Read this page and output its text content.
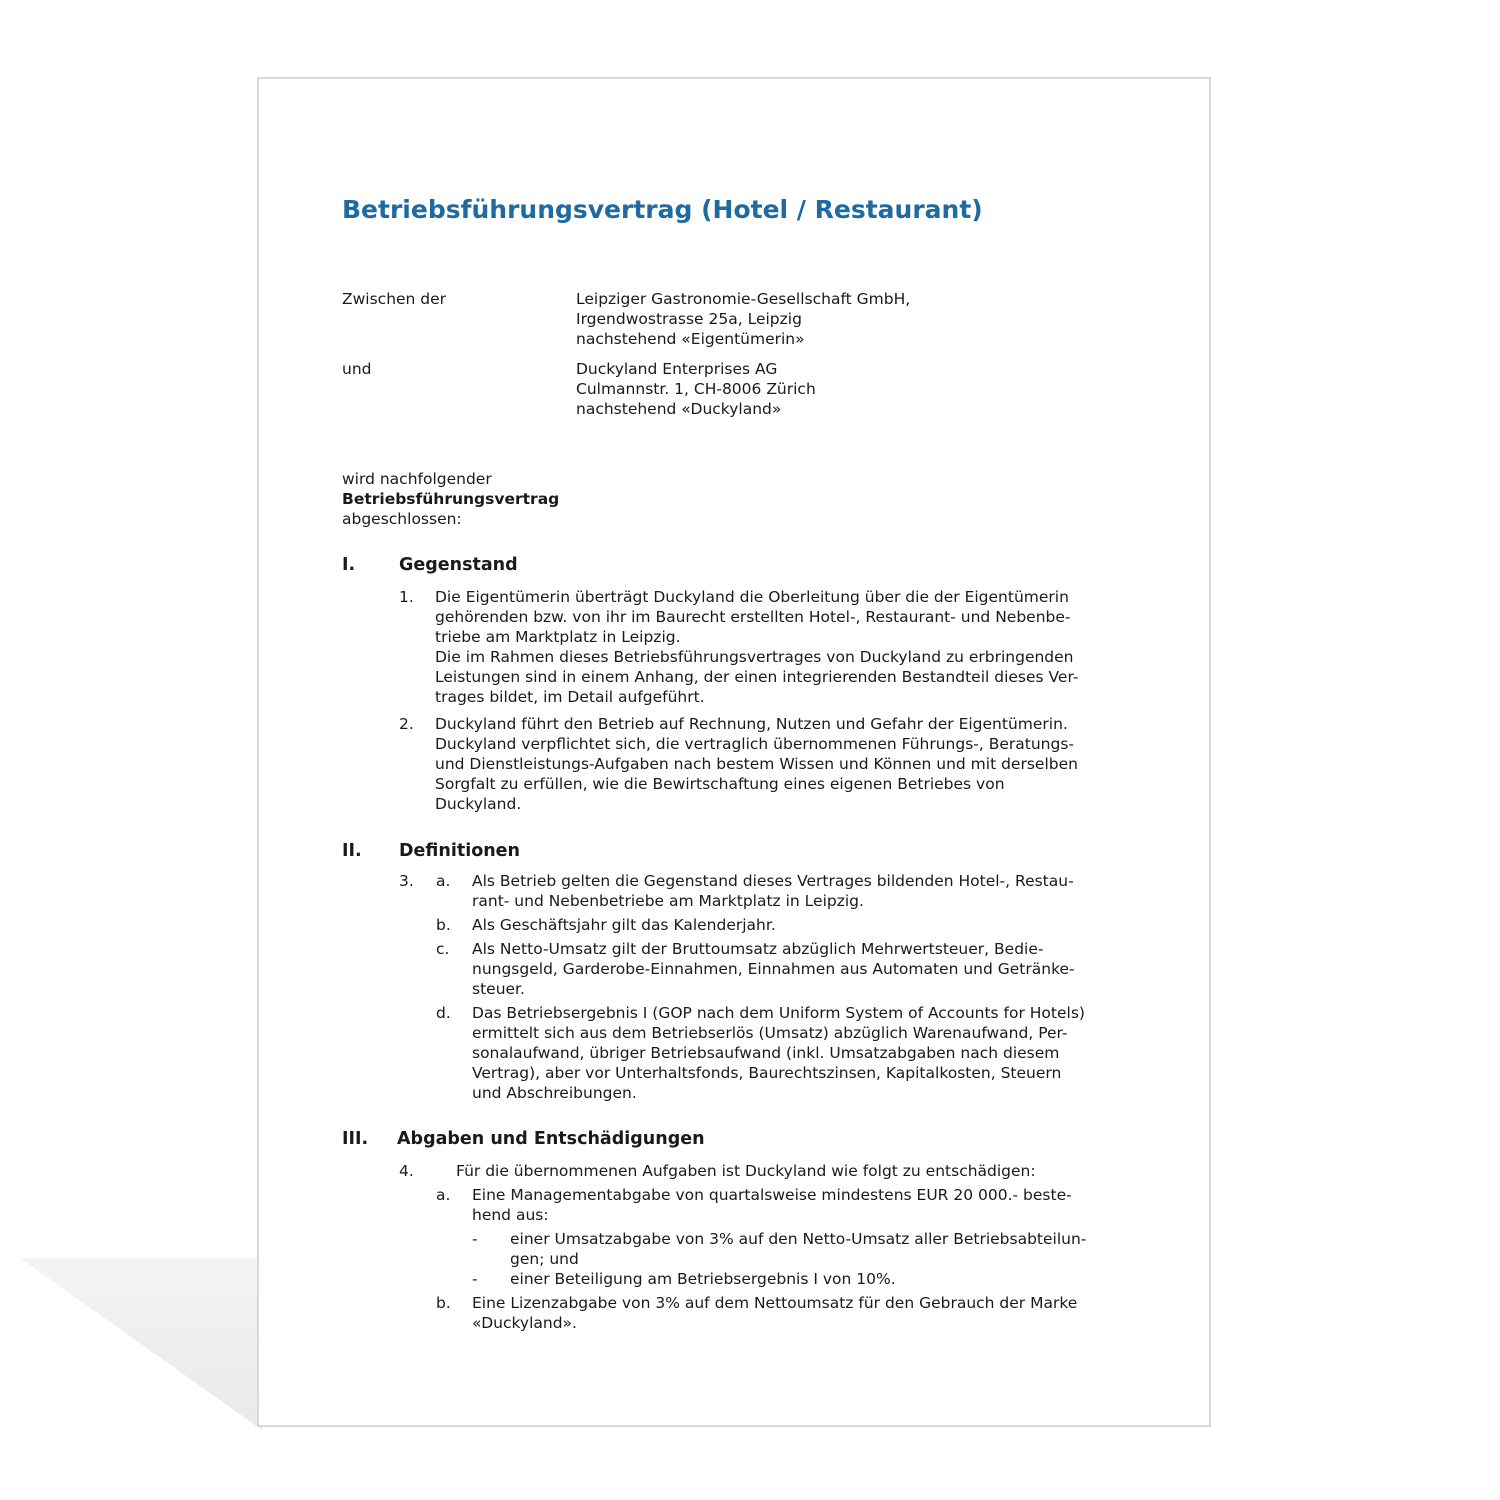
Betriebsführungsvertrag (Hotel / Restaurant)
Zwischen der	Leipziger Gastronomie-Gesellschaft GmbH,
Irgendwostrasse 25a, Leipzig
nachstehend «Eigentümerin»
und	Duckyland Enterprises AG
Culmannstr. 1, CH-8006 Zürich
nachstehend «Duckyland»
wird nachfolgender
Betriebsführungsvertrag
abgeschlossen:
I.	Gegenstand
1. Die Eigentümerin überträgt Duckyland die Oberleitung über die der Eigentümerin
gehörenden bzw. von ihr im Baurecht erstellten Hotel-, Restaurant- und Nebenbe-
triebe am Marktplatz in Leipzig.
Die im Rahmen dieses Betriebsführungsvertrages von Duckyland zu erbringenden
Leistungen sind in einem Anhang, der einen integrierenden Bestandteil dieses Ver-
trages bildet, im Detail aufgeführt.
2. Duckyland führt den Betrieb auf Rechnung, Nutzen und Gefahr der Eigentümerin.
Duckyland verpflichtet sich, die vertraglich übernommenen Führungs-, Beratungs-
und Dienstleistungs-Aufgaben nach bestem Wissen und Können und mit derselben
Sorgfalt zu erfüllen, wie die Bewirtschaftung eines eigenen Betriebes von
Duckyland.
II. Definitionen
3. a. Als Betrieb gelten die Gegenstand dieses Vertrages bildenden Hotel-, Restau-
rant- und Nebenbetriebe am Marktplatz in Leipzig.
b. Als Geschäftsjahr gilt das Kalenderjahr.
c. Als Netto-Umsatz gilt der Bruttoumsatz abzüglich Mehrwertsteuer, Bedie-
nungsgeld, Garderobe-Einnahmen, Einnahmen aus Automaten und Getränke-
steuer.
d. Das Betriebsergebnis I (GOP nach dem Uniform System of Accounts for Hotels)
ermittelt sich aus dem Betriebserlös (Umsatz) abzüglich Warenaufwand, Per-
sonalaufwand, übriger Betriebsaufwand (inkl. Umsatzabgaben nach diesem
Vertrag), aber vor Unterhaltsfonds, Baurechtszinsen, Kapitalkosten, Steuern
und Abschreibungen.
III. Abgaben und Entschädigungen
4.	Für die übernommenen Aufgaben ist Duckyland wie folgt zu entschädigen:
a. Eine Managementabgabe von quartalsweise mindestens EUR 20 000.- beste-
hend aus:
- einer Umsatzabgabe von 3% auf den Netto-Umsatz aller Betriebsabteilun-
gen; und
- einer Beteiligung am Betriebsergebnis I von 10%.
b. Eine Lizenzabgabe von 3% auf dem Nettoumsatz für den Gebrauch der Marke
«Duckyland».
